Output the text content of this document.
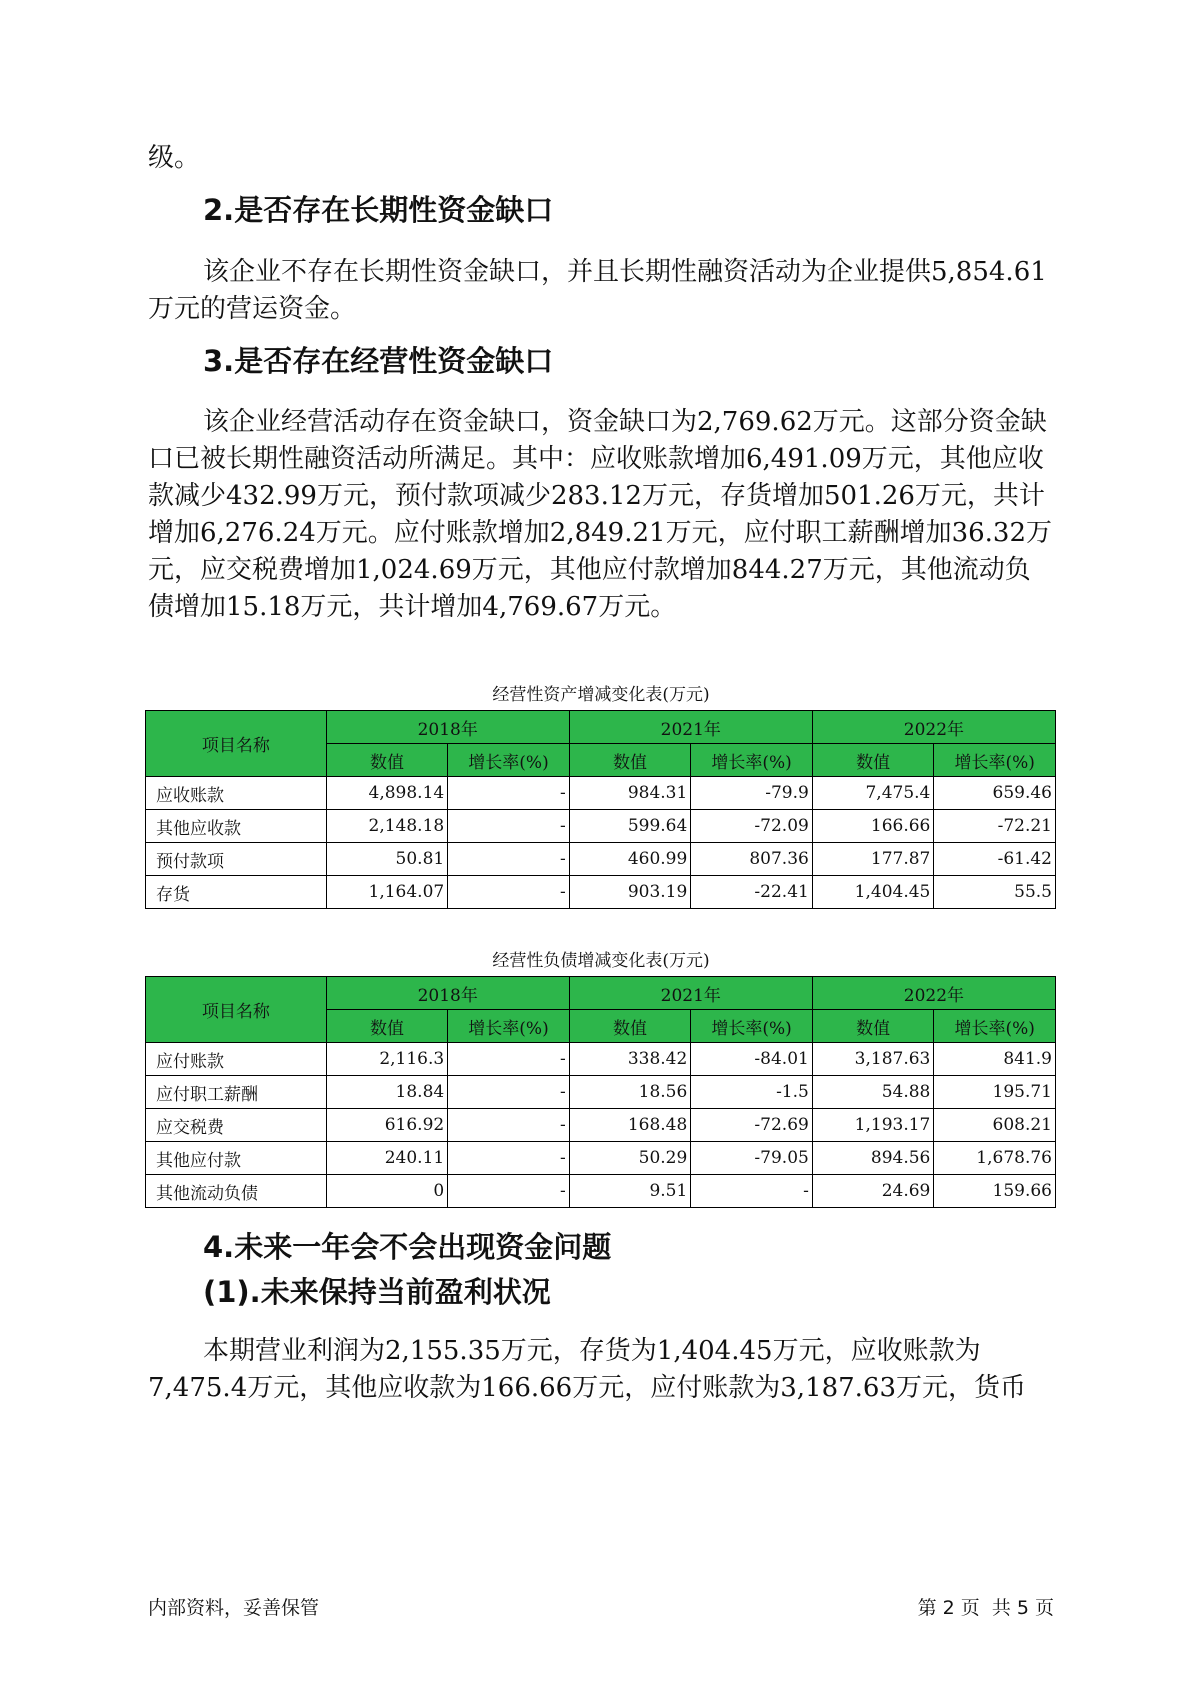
级。

2.是否存在长期性资金缺口

该企业不存在长期性资金缺口，并且长期性融资活动为企业提供5,854.61万元的营运资金。

3.是否存在经营性资金缺口

该企业经营活动存在资金缺口，资金缺口为2,769.62万元。这部分资金缺口已被长期性融资活动所满足。其中：应收账款增加6,491.09万元，其他应收款减少432.99万元，预付款项减少283.12万元，存货增加501.26万元，共计增加6,276.24万元。应付账款增加2,849.21万元，应付职工薪酬增加36.32万元，应交税费增加1,024.69万元，其他应付款增加844.27万元，其他流动负债增加15.18万元，共计增加4,769.67万元。

经营性资产增减变化表(万元)
项目名称	2018年		2021年		2022年	
	数值	增长率(%)	数值	增长率(%)	数值	增长率(%)
应收账款	4,898.14	-	984.31	-79.9	7,475.4	659.46
其他应收款	2,148.18	-	599.64	-72.09	166.66	-72.21
预付款项	50.81	-	460.99	807.36	177.87	-61.42
存货	1,164.07	-	903.19	-22.41	1,404.45	55.5
经营性负债增减变化表(万元)
项目名称	2018年		2021年		2022年	
	数值	增长率(%)	数值	增长率(%)	数值	增长率(%)
应付账款	2,116.3	-	338.42	-84.01	3,187.63	841.9
应付职工薪酬	18.84	-	18.56	-1.5	54.88	195.71
应交税费	616.92	-	168.48	-72.69	1,193.17	608.21
其他应付款	240.11	-	50.29	-79.05	894.56	1,678.76
其他流动负债	0	-	9.51	-	24.69	159.66
4.未来一年会不会出现资金问题
(1).未来保持当前盈利状况

本期营业利润为2,155.35万元，存货为1,404.45万元，应收账款为7,475.4万元，其他应收款为166.66万元，应付账款为3,187.63万元，货币

内部资料，妥善保管	第 2 页  共 5 页
